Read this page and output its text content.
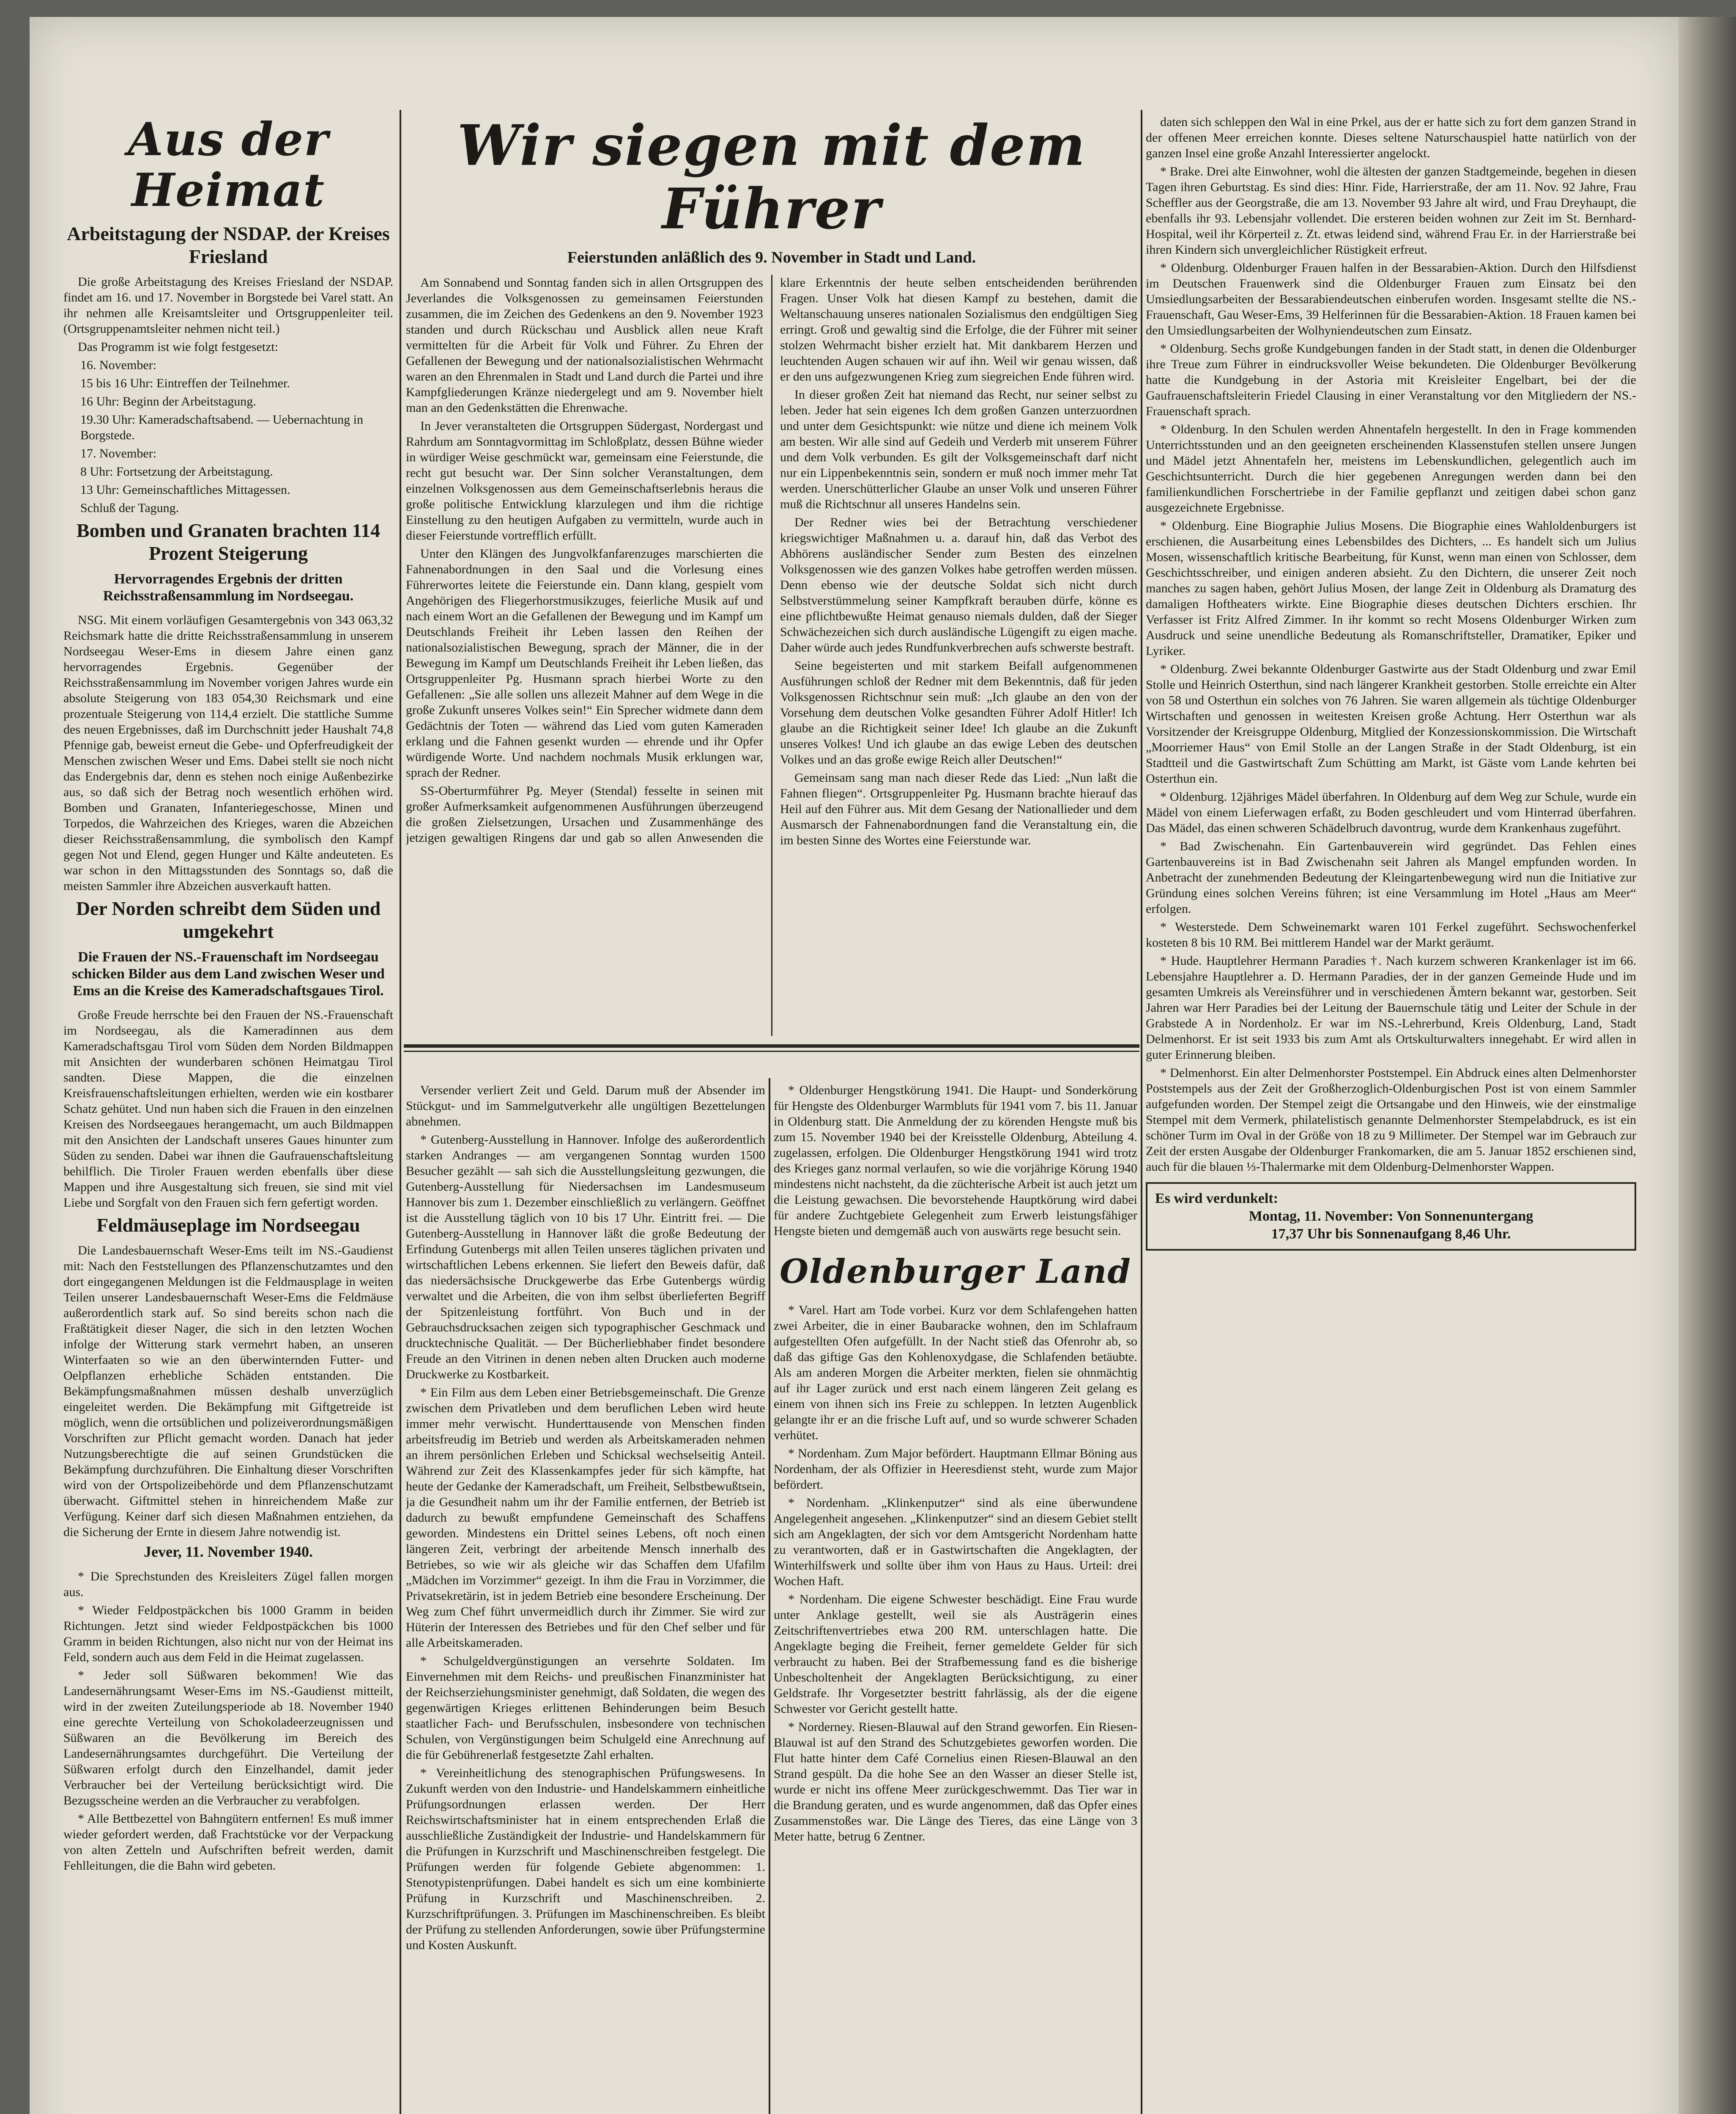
Aus der Heimat
Arbeitstagung der NSDAP. der Kreises Friesland

Die große Arbeitstagung des Kreises Friesland der NSDAP. findet am 16. und 17. November in Borgstede bei Varel statt. An ihr nehmen alle Kreisamtsleiter und Ortsgruppenleiter teil. (Ortsgruppenamtsleiter nehmen nicht teil.)

Das Programm ist wie folgt festgesetzt:

16. November:
15 bis 16 Uhr: Eintreffen der Teilnehmer.
16 Uhr: Beginn der Arbeitstagung.
19.30 Uhr: Kameradschaftsabend. — Uebernachtung in Borgstede.
17. November:
8 Uhr: Fortsetzung der Arbeitstagung.
13 Uhr: Gemeinschaftliches Mittagessen.
Schluß der Tagung.
Bomben und Granaten brachten 114 Prozent Steigerung
Hervorragendes Ergebnis der dritten Reichsstraßensammlung im Nordseegau.

NSG. Mit einem vorläufigen Gesamtergebnis von 343 063,32 Reichsmark hatte die dritte Reichsstraßensammlung in unserem Nordseegau Weser-Ems in diesem Jahre einen ganz hervorragendes Ergebnis. Gegenüber der Reichsstraßensammlung im November vorigen Jahres wurde ein absolute Steigerung von 183 054,30 Reichsmark und eine prozentuale Steigerung von 114,4 erzielt. Die stattliche Summe des neuen Ergebnisses, daß im Durchschnitt jeder Haushalt 74,8 Pfennige gab, beweist erneut die Gebe- und Opferfreudigkeit der Menschen zwischen Weser und Ems. Dabei stellt sie noch nicht das Endergebnis dar, denn es stehen noch einige Außenbezirke aus, so daß sich der Betrag noch wesentlich erhöhen wird. Bomben und Granaten, Infanteriegeschosse, Minen und Torpedos, die Wahrzeichen des Krieges, waren die Abzeichen dieser Reichsstraßensammlung, die symbolisch den Kampf gegen Not und Elend, gegen Hunger und Kälte andeuteten. Es war schon in den Mittagsstunden des Sonntags so, daß die meisten Sammler ihre Abzeichen ausverkauft hatten.

Der Norden schreibt dem Süden und umgekehrt
Die Frauen der NS.-Frauenschaft im Nordseegau schicken Bilder aus dem Land zwischen Weser und Ems an die Kreise des Kameradschaftsgaues Tirol.

Große Freude herrschte bei den Frauen der NS.-Frauenschaft im Nordseegau, als die Kameradinnen aus dem Kameradschaftsgau Tirol vom Süden dem Norden Bildmappen mit Ansichten der wunderbaren schönen Heimatgau Tirol sandten. Diese Mappen, die die einzelnen Kreisfrauenschaftsleitungen erhielten, werden wie ein kostbarer Schatz gehütet. Und nun haben sich die Frauen in den einzelnen Kreisen des Nordseegaues herangemacht, um auch Bildmappen mit den Ansichten der Landschaft unseres Gaues hinunter zum Süden zu senden. Dabei war ihnen die Gaufrauenschaftsleitung behilflich. Die Tiroler Frauen werden ebenfalls über diese Mappen und ihre Ausgestaltung sich freuen, sie sind mit viel Liebe und Sorgfalt von den Frauen sich fern gefertigt worden.

Feldmäuseplage im Nordseegau

Die Landesbauernschaft Weser-Ems teilt im NS.-Gaudienst mit: Nach den Feststellungen des Pflanzenschutzamtes und den dort eingegangenen Meldungen ist die Feldmausplage in weiten Teilen unserer Landesbauernschaft Weser-Ems die Feldmäuse außerordentlich stark auf. So sind bereits schon nach die Fraßtätigkeit dieser Nager, die sich in den letzten Wochen infolge der Witterung stark vermehrt haben, an unseren Winterfaaten so wie an den überwinternden Futter- und Oelpflanzen erhebliche Schäden entstanden. Die Bekämpfungsmaßnahmen müssen deshalb unverzüglich eingeleitet werden. Die Bekämpfung mit Giftgetreide ist möglich, wenn die ortsüblichen und polizeiverordnungsmäßigen Vorschriften zur Pflicht gemacht worden. Danach hat jeder Nutzungsberechtigte die auf seinen Grundstücken die Bekämpfung durchzuführen. Die Einhaltung dieser Vorschriften wird von der Ortspolizeibehörde und dem Pflanzenschutzamt überwacht. Giftmittel stehen in hinreichendem Maße zur Verfügung. Keiner darf sich diesen Maßnahmen entziehen, da die Sicherung der Ernte in diesem Jahre notwendig ist.

Jever, 11. November 1940.

* Die Sprechstunden des Kreisleiters Zügel fallen morgen aus.

* Wieder Feldpostpäckchen bis 1000 Gramm in beiden Richtungen. Jetzt sind wieder Feldpostpäckchen bis 1000 Gramm in beiden Richtungen, also nicht nur von der Heimat ins Feld, sondern auch aus dem Feld in die Heimat zugelassen.

* Jeder soll Süßwaren bekommen! Wie das Landesernährungsamt Weser-Ems im NS.-Gaudienst mitteilt, wird in der zweiten Zuteilungsperiode ab 18. November 1940 eine gerechte Verteilung von Schokoladeerzeugnissen und Süßwaren an die Bevölkerung im Bereich des Landesernährungsamtes durchgeführt. Die Verteilung der Süßwaren erfolgt durch den Einzelhandel, damit jeder Verbraucher bei der Verteilung berücksichtigt wird. Die Bezugsscheine werden an die Verbraucher zu verabfolgen.

* Alle Bettbezettel von Bahngütern entfernen! Es muß immer wieder gefordert werden, daß Frachtstücke vor der Verpackung von alten Zetteln und Aufschriften befreit werden, damit Fehlleitungen, die die Bahn wird gebeten.

Wir siegen mit dem Führer
Feierstunden anläßlich des 9. November in Stadt und Land.

Am Sonnabend und Sonntag fanden sich in allen Ortsgruppen des Jeverlandes die Volksgenossen zu gemeinsamen Feierstunden zusammen, die im Zeichen des Gedenkens an den 9. November 1923 standen und durch Rückschau und Ausblick allen neue Kraft vermittelten für die Arbeit für Volk und Führer. Zu Ehren der Gefallenen der Bewegung und der nationalsozialistischen Wehrmacht waren an den Ehrenmalen in Stadt und Land durch die Partei und ihre Kampfgliederungen Kränze niedergelegt und am 9. November hielt man an den Gedenkstätten die Ehrenwache.

In Jever veranstalteten die Ortsgruppen Südergast, Nordergast und Rahrdum am Sonntagvormittag im Schloßplatz, dessen Bühne wieder in würdiger Weise geschmückt war, gemeinsam eine Feierstunde, die recht gut besucht war. Der Sinn solcher Veranstaltungen, dem einzelnen Volksgenossen aus dem Gemeinschaftserlebnis heraus die große politische Entwicklung klarzulegen und ihm die richtige Einstellung zu den heutigen Aufgaben zu vermitteln, wurde auch in dieser Feierstunde vortrefflich erfüllt.

Unter den Klängen des Jungvolkfanfarenzuges marschierten die Fahnenabordnungen in den Saal und die Vorlesung eines Führerwortes leitete die Feierstunde ein. Dann klang, gespielt vom Angehörigen des Fliegerhorstmusikzuges, feierliche Musik auf und nach einem Wort an die Gefallenen der Bewegung und im Kampf um Deutschlands Freiheit ihr Leben lassen den Reihen der nationalsozialistischen Bewegung, sprach der Männer, die in der Bewegung im Kampf um Deutschlands Freiheit ihr Leben ließen, das Ortsgruppenleiter Pg. Husmann sprach hierbei Worte zu den Gefallenen: „Sie alle sollen uns allezeit Mahner auf dem Wege in die große Zukunft unseres Volkes sein!“ Ein Sprecher widmete dann dem Gedächtnis der Toten — während das Lied vom guten Kameraden erklang und die Fahnen gesenkt wurden — ehrende und ihr Opfer würdigende Worte. Und nachdem nochmals Musik erklungen war, sprach der Redner.

SS-Oberturmführer Pg. Meyer (Stendal) fesselte in seinen mit großer Aufmerksamkeit aufgenommenen Ausführungen überzeugend die großen Zielsetzungen, Ursachen und Zusammenhänge des jetzigen gewaltigen Ringens dar und gab so allen Anwesenden die klare Erkenntnis der heute selben entscheidenden berührenden Fragen. Unser Volk hat diesen Kampf zu bestehen, damit die Weltanschauung unseres nationalen Sozialismus den endgültigen Sieg erringt. Groß und gewaltig sind die Erfolge, die der Führer mit seiner stolzen Wehrmacht bisher erzielt hat. Mit dankbarem Herzen und leuchtenden Augen schauen wir auf ihn. Weil wir genau wissen, daß er den uns aufgezwungenen Krieg zum siegreichen Ende führen wird.

In dieser großen Zeit hat niemand das Recht, nur seiner selbst zu leben. Jeder hat sein eigenes Ich dem großen Ganzen unterzuordnen und unter dem Gesichtspunkt: wie nütze und diene ich meinem Volk am besten. Wir alle sind auf Gedeih und Verderb mit unserem Führer und dem Volk verbunden. Es gilt der Volksgemeinschaft darf nicht nur ein Lippenbekenntnis sein, sondern er muß noch immer mehr Tat werden. Unerschütterlicher Glaube an unser Volk und unseren Führer muß die Richtschnur all unseres Handelns sein.

Der Redner wies bei der Betrachtung verschiedener kriegswichtiger Maßnahmen u. a. darauf hin, daß das Verbot des Abhörens ausländischer Sender zum Besten des einzelnen Volksgenossen wie des ganzen Volkes habe getroffen werden müssen. Denn ebenso wie der deutsche Soldat sich nicht durch Selbstverstümmelung seiner Kampfkraft berauben dürfe, könne es eine pflichtbewußte Heimat genauso niemals dulden, daß der Sieger Schwächezeichen sich durch ausländische Lügengift zu eigen mache. Daher würde auch jedes Rundfunkverbrechen aufs schwerste bestraft.

Seine begeisterten und mit starkem Beifall aufgenommenen Ausführungen schloß der Redner mit dem Bekenntnis, daß für jeden Volksgenossen Richtschnur sein muß: „Ich glaube an den von der Vorsehung dem deutschen Volke gesandten Führer Adolf Hitler! Ich glaube an die Richtigkeit seiner Idee! Ich glaube an die Zukunft unseres Volkes! Und ich glaube an das ewige Leben des deutschen Volkes und an das große ewige Reich aller Deutschen!“

Gemeinsam sang man nach dieser Rede das Lied: „Nun laßt die Fahnen fliegen“. Ortsgruppenleiter Pg. Husmann brachte hierauf das Heil auf den Führer aus. Mit dem Gesang der Nationallieder und dem Ausmarsch der Fahnenabordnungen fand die Veranstaltung ein, die im besten Sinne des Wortes eine Feierstunde war.

Versender verliert Zeit und Geld. Darum muß der Absender im Stückgut- und im Sammelgutverkehr alle ungültigen Bezettelungen abnehmen.

* Gutenberg-Ausstellung in Hannover. Infolge des außerordentlich starken Andranges — am vergangenen Sonntag wurden 1500 Besucher gezählt — sah sich die Ausstellungsleitung gezwungen, die Gutenberg-Ausstellung für Niedersachsen im Landesmuseum Hannover bis zum 1. Dezember einschließlich zu verlängern. Geöffnet ist die Ausstellung täglich von 10 bis 17 Uhr. Eintritt frei. — Die Gutenberg-Ausstellung in Hannover läßt die große Bedeutung der Erfindung Gutenbergs mit allen Teilen unseres täglichen privaten und wirtschaftlichen Lebens erkennen. Sie liefert den Beweis dafür, daß das niedersächsische Druckgewerbe das Erbe Gutenbergs würdig verwaltet und die Arbeiten, die von ihm selbst überlieferten Begriff der Spitzenleistung fortführt. Von Buch und in der Gebrauchsdrucksachen zeigen sich typographischer Geschmack und drucktechnische Qualität. — Der Bücherliebhaber findet besondere Freude an den Vitrinen in denen neben alten Drucken auch moderne Druckwerke zu Kostbarkeit.

* Ein Film aus dem Leben einer Betriebsgemeinschaft. Die Grenze zwischen dem Privatleben und dem beruflichen Leben wird heute immer mehr verwischt. Hunderttausende von Menschen finden arbeitsfreudig im Betrieb und werden als Arbeitskameraden nehmen an ihrem persönlichen Erleben und Schicksal wechselseitig Anteil. Während zur Zeit des Klassenkampfes jeder für sich kämpfte, hat heute der Gedanke der Kameradschaft, um Freiheit, Selbstbewußtsein, ja die Gesundheit nahm um ihr der Familie entfernen, der Betrieb ist dadurch zu bewußt empfundene Gemeinschaft des Schaffens geworden. Mindestens ein Drittel seines Lebens, oft noch einen längeren Zeit, verbringt der arbeitende Mensch innerhalb des Betriebes, so wie wir als gleiche wir das Schaffen dem Ufafilm „Mädchen im Vorzimmer“ gezeigt. In ihm die Frau in Vorzimmer, die Privatsekretärin, ist in jedem Betrieb eine besondere Erscheinung. Der Weg zum Chef führt unvermeidlich durch ihr Zimmer. Sie wird zur Hüterin der Interessen des Betriebes und für den Chef selber und für alle Arbeitskameraden.

* Schulgeldvergünstigungen an versehrte Soldaten. Im Einvernehmen mit dem Reichs- und preußischen Finanzminister hat der Reichserziehungsminister genehmigt, daß Soldaten, die wegen des gegenwärtigen Krieges erlittenen Behinderungen beim Besuch staatlicher Fach- und Berufsschulen, insbesondere von technischen Schulen, von Vergünstigungen beim Schulgeld eine Anrechnung auf die für Gebührenerlaß festgesetzte Zahl erhalten.

* Vereinheitlichung des stenographischen Prüfungswesens. In Zukunft werden von den Industrie- und Handelskammern einheitliche Prüfungsordnungen erlassen werden. Der Herr Reichswirtschaftsminister hat in einem entsprechenden Erlaß die ausschließliche Zuständigkeit der Industrie- und Handelskammern für die Prüfungen in Kurzschrift und Maschinenschreiben festgelegt. Die Prüfungen werden für folgende Gebiete abgenommen: 1. Stenotypistenprüfungen. Dabei handelt es sich um eine kombinierte Prüfung in Kurzschrift und Maschinenschreiben. 2. Kurzschriftprüfungen. 3. Prüfungen im Maschinenschreiben. Es bleibt der Prüfung zu stellenden Anforderungen, sowie über Prüfungstermine und Kosten Auskunft.

* Oldenburger Hengstkörung 1941. Die Haupt- und Sonderkörung für Hengste des Oldenburger Warmbluts für 1941 vom 7. bis 11. Januar in Oldenburg statt. Die Anmeldung der zu körenden Hengste muß bis zum 15. November 1940 bei der Kreisstelle Oldenburg, Abteilung 4. zugelassen, erfolgen. Die Oldenburger Hengstkörung 1941 wird trotz des Krieges ganz normal verlaufen, so wie die vorjährige Körung 1940 mindestens nicht nachsteht, da die züchterische Arbeit ist auch jetzt um die Leistung gewachsen. Die bevorstehende Hauptkörung wird dabei für andere Zuchtgebiete Gelegenheit zum Erwerb leistungsfähiger Hengste bieten und demgemäß auch von auswärts rege besucht sein.

Oldenburger Land

* Varel. Hart am Tode vorbei. Kurz vor dem Schlafengehen hatten zwei Arbeiter, die in einer Baubaracke wohnen, den im Schlafraum aufgestellten Ofen aufgefüllt. In der Nacht stieß das Ofenrohr ab, so daß das giftige Gas den Kohlenoxydgase, die Schlafenden betäubte. Als am anderen Morgen die Arbeiter merkten, fielen sie ohnmächtig auf ihr Lager zurück und erst nach einem längeren Zeit gelang es einem von ihnen sich ins Freie zu schleppen. In letzten Augenblick gelangte ihr er an die frische Luft auf, und so wurde schwerer Schaden verhütet.

* Nordenham. Zum Major befördert. Hauptmann Ellmar Böning aus Nordenham, der als Offizier in Heeresdienst steht, wurde zum Major befördert.

* Nordenham. „Klinkenputzer“ sind als eine überwundene Angelegenheit angesehen. „Klinkenputzer“ sind an diesem Gebiet stellt sich am Angeklagten, der sich vor dem Amtsgericht Nordenham hatte zu verantworten, daß er in Gastwirtschaften die Angeklagten, der Winterhilfswerk und sollte über ihm von Haus zu Haus. Urteil: drei Wochen Haft.

* Nordenham. Die eigene Schwester beschädigt. Eine Frau wurde unter Anklage gestellt, weil sie als Austrägerin eines Zeitschriftenvertriebes etwa 200 RM. unterschlagen hatte. Die Angeklagte beging die Freiheit, ferner gemeldete Gelder für sich verbraucht zu haben. Bei der Strafbemessung fand es die bisherige Unbescholtenheit der Angeklagten Berücksichtigung, zu einer Geldstrafe. Ihr Vorgesetzter bestritt fahrlässig, als der die eigene Schwester vor Gericht gestellt hatte.

* Norderney. Riesen-Blauwal auf den Strand geworfen. Ein Riesen-Blauwal ist auf den Strand des Schutzgebietes geworfen worden. Die Flut hatte hinter dem Café Cornelius einen Riesen-Blauwal an den Strand gespült. Da die hohe See an den Wasser an dieser Stelle ist, wurde er nicht ins offene Meer zurückgeschwemmt. Das Tier war in die Brandung geraten, und es wurde angenommen, daß das Opfer eines Zusammenstoßes war. Die Länge des Tieres, das eine Länge von 3 Meter hatte, betrug 6 Zentner.

daten sich schleppen den Wal in eine Prkel, aus der er hatte sich zu fort dem ganzen Strand in der offenen Meer erreichen konnte. Dieses seltene Naturschauspiel hatte natürlich von der ganzen Insel eine große Anzahl Interessierter angelockt.

* Brake. Drei alte Einwohner, wohl die ältesten der ganzen Stadtgemeinde, begehen in diesen Tagen ihren Geburtstag. Es sind dies: Hinr. Fide, Harrierstraße, der am 11. Nov. 92 Jahre, Frau Scheffler aus der Georgstraße, die am 13. November 93 Jahre alt wird, und Frau Dreyhaupt, die ebenfalls ihr 93. Lebensjahr vollendet. Die ersteren beiden wohnen zur Zeit im St. Bernhard-Hospital, weil ihr Körperteil z. Zt. etwas leidend sind, während Frau Er. in der Harrierstraße bei ihren Kindern sich unvergleichlicher Rüstigkeit erfreut.

* Oldenburg. Oldenburger Frauen halfen in der Bessarabien-Aktion. Durch den Hilfsdienst im Deutschen Frauenwerk sind die Oldenburger Frauen zum Einsatz bei den Umsiedlungsarbeiten der Bessarabiendeutschen einberufen worden. Insgesamt stellte die NS.-Frauenschaft, Gau Weser-Ems, 39 Helferinnen für die Bessarabien-Aktion. 18 Frauen kamen bei den Umsiedlungsarbeiten der Wolhyniendeutschen zum Einsatz.

* Oldenburg. Sechs große Kundgebungen fanden in der Stadt statt, in denen die Oldenburger ihre Treue zum Führer in eindrucksvoller Weise bekundeten. Die Oldenburger Bevölkerung hatte die Kundgebung in der Astoria mit Kreisleiter Engelbart, bei der die Gaufrauenschaftsleiterin Friedel Clausing in einer Veranstaltung vor den Mitgliedern der NS.-Frauenschaft sprach.

* Oldenburg. In den Schulen werden Ahnentafeln hergestellt. In den in Frage kommenden Unterrichtsstunden und an den geeigneten erscheinenden Klassenstufen stellen unsere Jungen und Mädel jetzt Ahnentafeln her, meistens im Lebenskundlichen, gelegentlich auch im Geschichtsunterricht. Durch die hier gegebenen Anregungen werden dann bei den familienkundlichen Forschertriebe in der Familie gepflanzt und zeitigen dabei schon ganz ausgezeichnete Ergebnisse.

* Oldenburg. Eine Biographie Julius Mosens. Die Biographie eines Wahloldenburgers ist erschienen, die Ausarbeitung eines Lebensbildes des Dichters, ... Es handelt sich um Julius Mosen, wissenschaftlich kritische Bearbeitung, für Kunst, wenn man einen von Schlosser, dem Geschichtsschreiber, und einigen anderen absieht. Zu den Dichtern, die unserer Zeit noch manches zu sagen haben, gehört Julius Mosen, der lange Zeit in Oldenburg als Dramaturg des damaligen Hoftheaters wirkte. Eine Biographie dieses deutschen Dichters erschien. Ihr Verfasser ist Fritz Alfred Zimmer. In ihr kommt so recht Mosens Oldenburger Wirken zum Ausdruck und seine unendliche Bedeutung als Romanschriftsteller, Dramatiker, Epiker und Lyriker.

* Oldenburg. Zwei bekannte Oldenburger Gastwirte aus der Stadt Oldenburg und zwar Emil Stolle und Heinrich Osterthun, sind nach längerer Krankheit gestorben. Stolle erreichte ein Alter von 58 und Osterthun ein solches von 76 Jahren. Sie waren allgemein als tüchtige Oldenburger Wirtschaften und genossen in weitesten Kreisen große Achtung. Herr Osterthun war als Vorsitzender der Kreisgruppe Oldenburg, Mitglied der Konzessionskommission. Die Wirtschaft „Moorriemer Haus“ von Emil Stolle an der Langen Straße in der Stadt Oldenburg, ist ein Stadtteil und die Gastwirtschaft Zum Schütting am Markt, ist Gäste vom Lande kehrten bei Osterthun ein.

* Oldenburg. 12jähriges Mädel überfahren. In Oldenburg auf dem Weg zur Schule, wurde ein Mädel von einem Lieferwagen erfaßt, zu Boden geschleudert und vom Hinterrad überfahren. Das Mädel, das einen schweren Schädelbruch davontrug, wurde dem Krankenhaus zugeführt.

* Bad Zwischenahn. Ein Gartenbauverein wird gegründet. Das Fehlen eines Gartenbauvereins ist in Bad Zwischenahn seit Jahren als Mangel empfunden worden. In Anbetracht der zunehmenden Bedeutung der Kleingartenbewegung wird nun die Initiative zur Gründung eines solchen Vereins führen; ist eine Versammlung im Hotel „Haus am Meer“ erfolgen.

* Westerstede. Dem Schweinemarkt waren 101 Ferkel zugeführt. Sechswochenferkel kosteten 8 bis 10 RM. Bei mittlerem Handel war der Markt geräumt.

* Hude. Hauptlehrer Hermann Paradies †. Nach kurzem schweren Krankenlager ist im 66. Lebensjahre Hauptlehrer a. D. Hermann Paradies, der in der ganzen Gemeinde Hude und im gesamten Umkreis als Vereinsführer und in verschiedenen Ämtern bekannt war, gestorben. Seit Jahren war Herr Paradies bei der Leitung der Bauernschule tätig und Leiter der Schule in der Grabstede A in Nordenholz. Er war im NS.-Lehrerbund, Kreis Oldenburg, Land, Stadt Delmenhorst. Er ist seit 1933 bis zum Amt als Ortskulturwalters innegehabt. Er wird allen in guter Erinnerung bleiben.

* Delmenhorst. Ein alter Delmenhorster Poststempel. Ein Abdruck eines alten Delmenhorster Poststempels aus der Zeit der Großherzoglich-Oldenburgischen Post ist von einem Sammler aufgefunden worden. Der Stempel zeigt die Ortsangabe und den Hinweis, wie der einstmalige Stempel mit dem Vermerk, philatelistisch genannte Delmenhorster Stempelabdruck, es ist ein schöner Turm im Oval in der Größe von 18 zu 9 Millimeter. Der Stempel war im Gebrauch zur Zeit der ersten Ausgabe der Oldenburger Frankomarken, die am 5. Januar 1852 erschienen sind, auch für die blauen ⅓-Thalermarke mit dem Oldenburg-Delmenhorster Wappen.

Es wird verdunkelt:
Montag, 11. November: Von Sonnenuntergang
17,37 Uhr bis Sonnenaufgang 8,46 Uhr.
